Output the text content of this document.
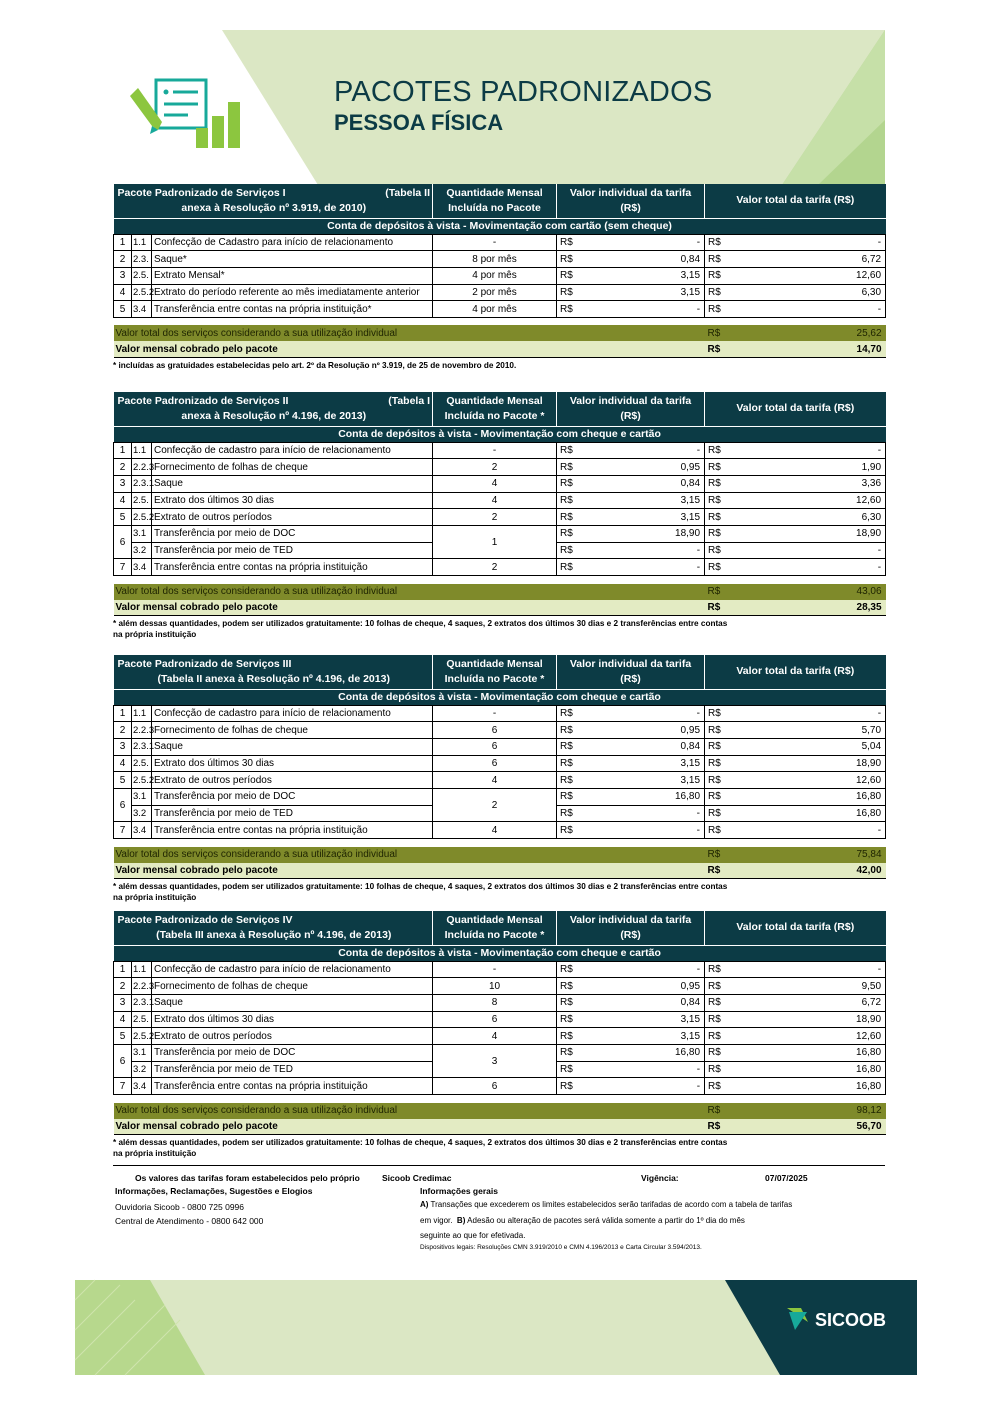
PACOTES PADRONIZADOS
PESSOA FÍSICA
Pacote Padronizado de Serviços I (Tabela II
anexa à Resolução nº 3.919, de 2010)			Quantidade Mensal Incluída no Pacote	Valor individual da tarifa (R$)		Valor total da tarifa (R$)	
Conta de depósitos à vista - Movimentação com cartão (sem cheque)							
1	1.1	Confecção de Cadastro para início de relacionamento	-	R$	-	R$	-
2	2.3.	Saque*	8 por mês	R$	0,84	R$	6,72
3	2.5.	Extrato Mensal*	4 por mês	R$	3,15	R$	12,60
4	2.5.2	Extrato do período referente ao mês imediatamente anterior	2 por mês	R$	3,15	R$	6,30
5	3.4	Transferência entre contas na própria instituição*	4 por mês	R$	-	R$	-

Valor total dos serviços considerando a sua utilização individual						R$	25,62
Valor mensal cobrado pelo pacote						R$	14,70
* incluídas as gratuidades estabelecidas pelo art. 2º da Resolução nº 3.919, de 25 de novembro de 2010.
Pacote Padronizado de Serviços II (Tabela I
anexa à Resolução nº 4.196, de 2013)			Quantidade Mensal Incluída no Pacote *	Valor individual da tarifa (R$)		Valor total da tarifa (R$)	
Conta de depósitos à vista - Movimentação com cheque e cartão							
1	1.1	Confecção de cadastro para início de relacionamento	-	R$	-	R$	-
2	2.2.3	Fornecimento de folhas de cheque	2	R$	0,95	R$	1,90
3	2.3.1	Saque	4	R$	0,84	R$	3,36
4	2.5.	Extrato dos últimos 30 dias	4	R$	3,15	R$	12,60
5	2.5.2	Extrato de outros períodos	2	R$	3,15	R$	6,30
6	3.1	Transferência por meio de DOC	1	R$	18,90	R$	18,90
	3.2	Transferência por meio de TED		R$	-	R$	-
7	3.4	Transferência entre contas na própria instituição	2	R$	-	R$	-

Valor total dos serviços considerando a sua utilização individual						R$	43,06
Valor mensal cobrado pelo pacote						R$	28,35
* além dessas quantidades, podem ser utilizados gratuitamente: 10 folhas de cheque, 4 saques, 2 extratos dos últimos 30 dias e 2 transferências entre contas na própria instituição
Pacote Padronizado de Serviços III
(Tabela II anexa à Resolução nº 4.196, de 2013)			Quantidade Mensal Incluída no Pacote *	Valor individual da tarifa (R$)		Valor total da tarifa (R$)	
Conta de depósitos à vista - Movimentação com cheque e cartão							
1	1.1	Confecção de cadastro para início de relacionamento	-	R$	-	R$	-
2	2.2.3	Fornecimento de folhas de cheque	6	R$	0,95	R$	5,70
3	2.3.1	Saque	6	R$	0,84	R$	5,04
4	2.5.	Extrato dos últimos 30 dias	6	R$	3,15	R$	18,90
5	2.5.2	Extrato de outros períodos	4	R$	3,15	R$	12,60
6	3.1	Transferência por meio de DOC	2	R$	16,80	R$	16,80
	3.2	Transferência por meio de TED		R$	-	R$	16,80
7	3.4	Transferência entre contas na própria instituição	4	R$	-	R$	-

Valor total dos serviços considerando a sua utilização individual						R$	75,84
Valor mensal cobrado pelo pacote						R$	42,00
* além dessas quantidades, podem ser utilizados gratuitamente: 10 folhas de cheque, 4 saques, 2 extratos dos últimos 30 dias e 2 transferências entre contas na própria instituição
Pacote Padronizado de Serviços IV
(Tabela III anexa à Resolução nº 4.196, de 2013)			Quantidade Mensal Incluída no Pacote *	Valor individual da tarifa (R$)		Valor total da tarifa (R$)	
Conta de depósitos à vista - Movimentação com cheque e cartão							
1	1.1	Confecção de cadastro para início de relacionamento	-	R$	-	R$	-
2	2.2.3	Fornecimento de folhas de cheque	10	R$	0,95	R$	9,50
3	2.3.1	Saque	8	R$	0,84	R$	6,72
4	2.5.	Extrato dos últimos 30 dias	6	R$	3,15	R$	18,90
5	2.5.2	Extrato de outros períodos	4	R$	3,15	R$	12,60
6	3.1	Transferência por meio de DOC	3	R$	16,80	R$	16,80
	3.2	Transferência por meio de TED		R$	-	R$	16,80
7	3.4	Transferência entre contas na própria instituição	6	R$	-	R$	16,80

Valor total dos serviços considerando a sua utilização individual						R$	98,12
Valor mensal cobrado pelo pacote						R$	56,70
* além dessas quantidades, podem ser utilizados gratuitamente: 10 folhas de cheque, 4 saques, 2 extratos dos últimos 30 dias e 2 transferências entre contas na própria instituição
Os valores das tarifas foram estabelecidos pelo próprio	Sicoob Credimac	Vigência:	07/07/2025
Informações, Reclamações, Sugestões e Elogios
Ouvidoria Sicoob - 0800 725 0996
Central de Atendimento - 0800 642 000
Informações gerais
A) Transações que excederem os limites estabelecidos serão tarifadas de acordo com a tabela de tarifas
em vigor. B) Adesão ou alteração de pacotes será válida somente a partir do 1º dia do mês
seguinte ao que for efetivada.
Dispositivos legais: Resoluções CMN 3.919/2010 e CMN 4.196/2013 e Carta Circular 3.594/2013.
SICOOB
